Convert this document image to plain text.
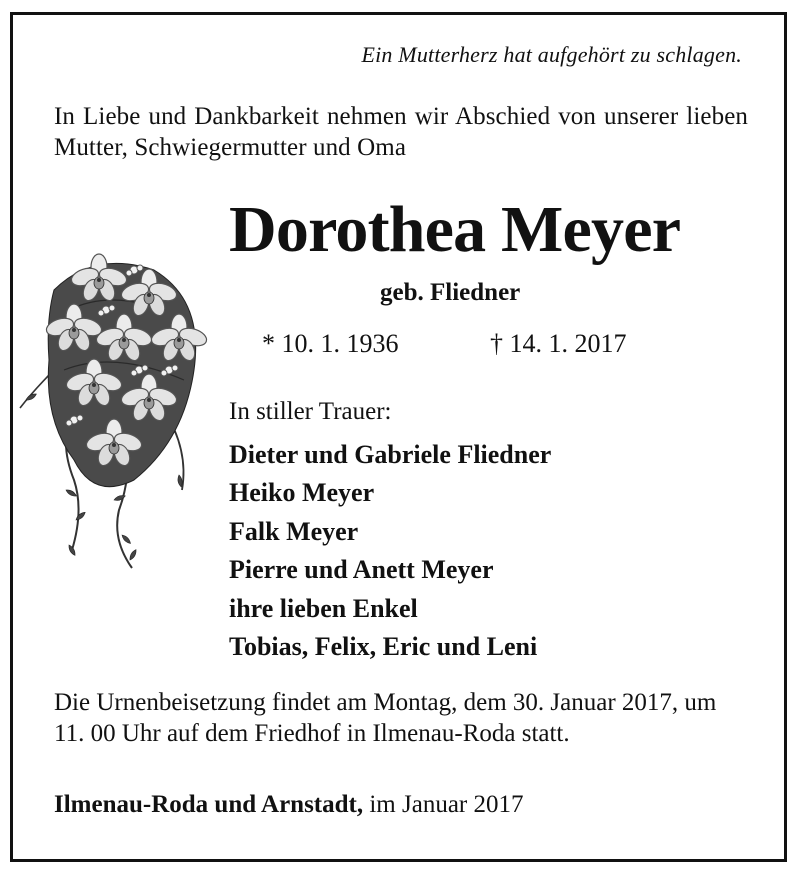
Ein Mutterherz hat aufgehört zu schlagen.
In Liebe und Dankbarkeit nehmen wir Abschied von unserer lieben Mutter, Schwiegermutter und Oma
Dorothea Meyer
geb. Fliedner
* 10. 1. 1936	† 14. 1. 2017
In stiller Trauer:
Dieter und Gabriele Fliedner
Heiko Meyer
Falk Meyer
Pierre und Anett Meyer
ihre lieben Enkel
Tobias, Felix, Eric und Leni
Die Urnenbeisetzung findet am Montag, dem 30. Januar 2017, um 11. 00 Uhr auf dem Friedhof in Ilmenau-Roda statt.
Ilmenau-Roda und Arnstadt, im Januar 2017
